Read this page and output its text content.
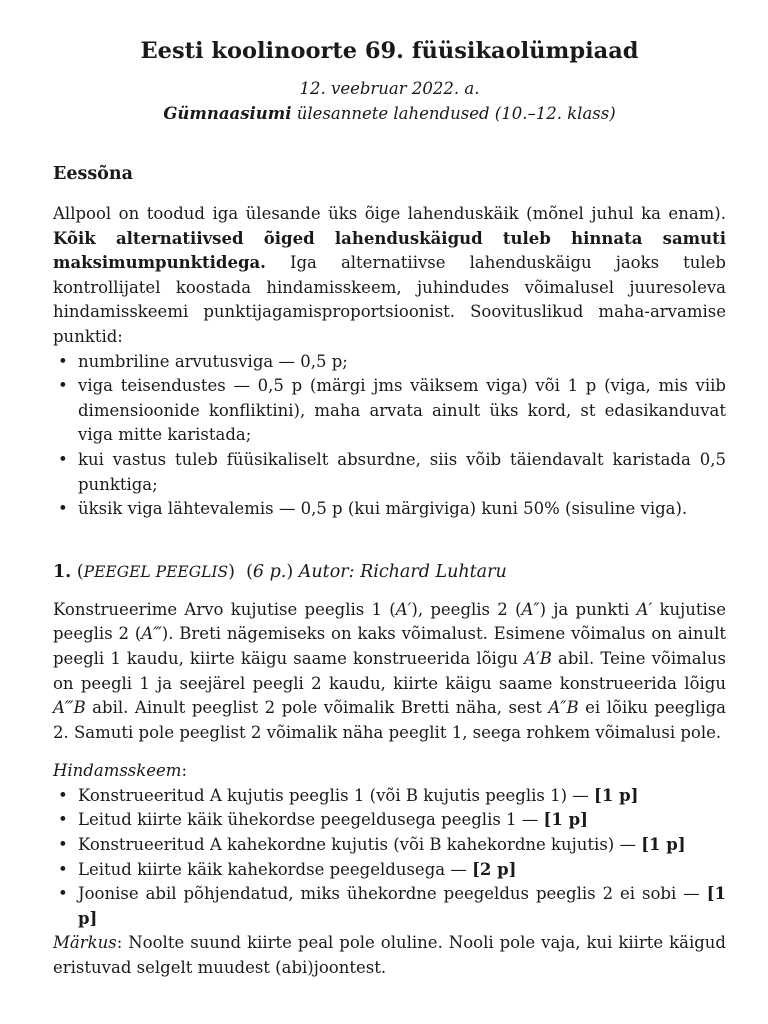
Eesti koolinoorte 69. füüsikaolümpiaad
12. veebruar 2022. a.
Gümnaasiumi ülesannete lahendused (10.–12. klass)
Eessõna

Allpool on toodud iga ülesande üks õige lahenduskäik (mõnel juhul ka enam). Kõik alternatiivsed õiged lahenduskäigud tuleb hinnata samuti maksimumpunktidega. Iga alternatiivse lahenduskäigu jaoks tuleb kontrollijatel koostada hindamisskeem, juhindudes võimalusel juuresoleva hindamisskeemi punktijagamisproportsioonist. Soovituslikud maha-arvamise punktid:

• numbriline arvutusviga — 0,5 p;
• viga teisendustes — 0,5 p (märgi jms väiksem viga) või 1 p (viga, mis viib dimensioonide konfliktini), maha arvata ainult üks kord, st edasikanduvat viga mitte karistada;
• kui vastus tuleb füüsikaliselt absurdne, siis võib täiendavalt karistada 0,5 punktiga;
• üksik viga lähtevalemis — 0,5 p (kui märgiviga) kuni 50% (sisuline viga).
1. (PEEGEL PEEGLIS)  (6 p.) Autor: Richard Luhtaru

Konstrueerime Arvo kujutise peeglis 1 (A′), peeglis 2 (A″) ja punkti A′ kujutise peeglis 2 (A‴). Breti nägemiseks on kaks võimalust. Esimene võimalus on ainult peegli 1 kaudu, kiirte käigu saame konstrueerida lõigu A′B abil. Teine võimalus on peegli 1 ja seejärel peegli 2 kaudu, kiirte käigu saame konstrueerida lõigu A‴B abil. Ainult peeglist 2 pole võimalik Bretti näha, sest A″B ei lõiku peegliga 2. Samuti pole peeglist 2 võimalik näha peeglit 1, seega rohkem võimalusi pole.

Hindamsskeem:
• Konstrueeritud A kujutis peeglis 1 (või B kujutis peeglis 1) — [1 p]
• Leitud kiirte käik ühekordse peegeldusega peeglis 1 — [1 p]
• Konstrueeritud A kahekordne kujutis (või B kahekordne kujutis) — [1 p]
• Leitud kiirte käik kahekordse peegeldusega — [2 p]
• Joonise abil põhjendatud, miks ühekordne peegeldus peeglis 2 ei sobi — [1 p]

Märkus: Noolte suund kiirte peal pole oluline. Nooli pole vaja, kui kiirte käigud eristuvad selgelt muudest (abi)joontest.
